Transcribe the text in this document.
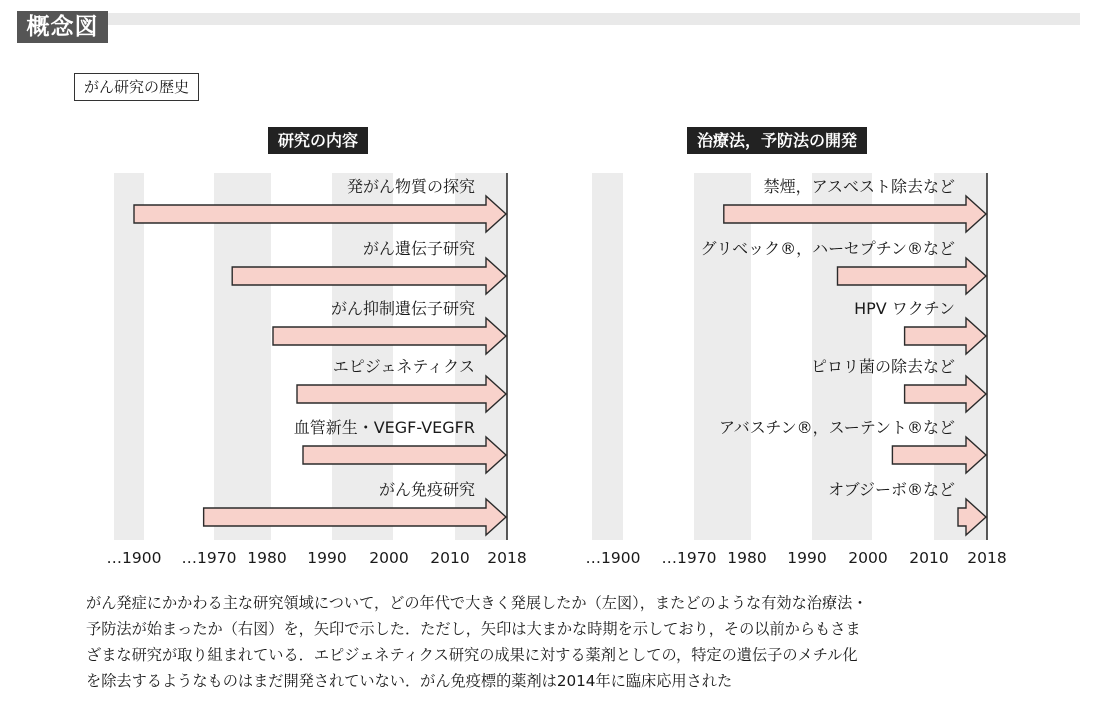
概念図
がん研究の歴史
研究の内容	治療法，予防法の開発
発がん物質の探究
がん遺伝子研究
がん抑制遺伝子研究
エピジェネティクス
血管新生・VEGF-VEGFR
がん免疫研究
…1900 …1970 1980 1990 2000 2010 2018
禁煙，アスベスト除去など
グリベック®，ハーセプチン®など
HPV ワクチン
ピロリ菌の除去など
アバスチン®，スーテント®など
オブジーボ®など
…1900 …1970 1980 1990 2000 2010 2018
がん発症にかかわる主な研究領域について，どの年代で大きく発展したか（左図），またどのような有効な治療法・
予防法が始まったか（右図）を，矢印で示した．ただし，矢印は大まかな時期を示しており，その以前からもさま
ざまな研究が取り組まれている．エピジェネティクス研究の成果に対する薬剤としての，特定の遺伝子のメチル化
を除去するようなものはまだ開発されていない．がん免疫標的薬剤は2014年に臨床応用された
